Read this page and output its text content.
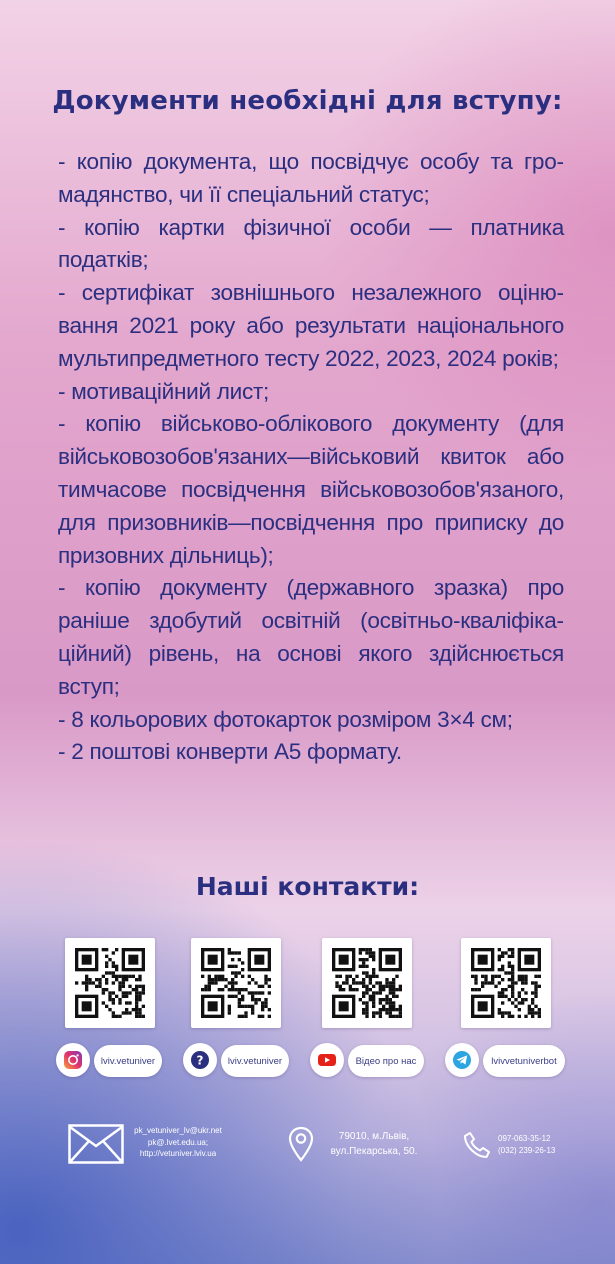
Документи необхідні для вступу:

- копію документа, що посвідчує особу та громадянство, чи її спеціальний статус;

- копію картки фізичної особи — платника податків;

- сертифікат зовнішнього незалежного оцінювання 2021 року або результати національного мультипредметного тесту 2022, 2023, 2024 років;

- мотиваційний лист;

- копію військово-облікового документу (для військовозобов'язаних—військовий квиток або тимчасове посвідчення військовозобов'язаного, для призовників—посвідчення про приписку до призовних дільниць);

- копію документу (державного зразка) про раніше здобутий освітній (освітньо-кваліфікаційний) рівень, на основі якого здійснюється вступ;

- 8 кольорових фотокарток розміром 3×4 см;

- 2 поштові конверти А5 формату.

Наші контакти:
lviv.vetuniver	?	lviv.vetuniver	Відео про нас	lvivvetuniverbot
pk_vetuniver_lv@ukr.net
pk@.lvet.edu.ua;
http://vetuniver.lviv.ua
79010, м.Львів,
вул.Пекарська, 50.
097-063-35-12
(032) 239-26-13
